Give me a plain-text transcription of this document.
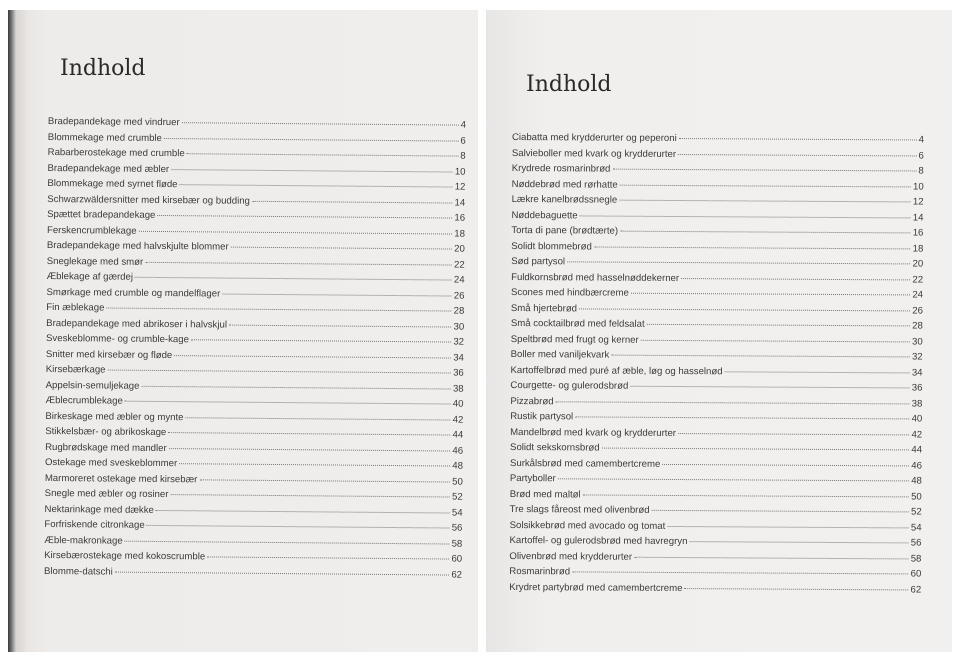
Indhold
Bradepandekage med vindruer	4
Blommekage med crumble	6
Rabarberostekage med crumble	8
Bradepandekage med æbler	10
Blommekage med syrnet fløde	12
Schwarzwäldersnitter med kirsebær og budding	14
Spættet bradepandekage	16
Ferskencrumblekage	18
Bradepandekage med halvskjulte blommer	20
Sneglekage med smør	22
Æblekage af gærdej	24
Smørkage med crumble og mandelflager	26
Fin æblekage	28
Bradepandekage med abrikoser i halvskjul	30
Sveskeblomme- og crumble-kage	32
Snitter med kirsebær og fløde	34
Kirsebærkage	36
Appelsin-semuljekage	38
Æblecrumblekage	40
Birkeskage med æbler og mynte	42
Stikkelsbær- og abrikoskage	44
Rugbrødskage med mandler	46
Ostekage med sveskeblommer	48
Marmoreret ostekage med kirsebær	50
Snegle med æbler og rosiner	52
Nektarinkage med dække	54
Forfriskende citronkage	56
Æble-makronkage	58
Kirsebærostekage med kokoscrumble	60
Blomme-datschi	62
Indhold
Ciabatta med krydderurter og peperoni	4
Salvieboller med kvark og krydderurter	6
Krydrede rosmarinbrød	8
Nøddebrød med rørhatte	10
Lækre kanelbrødssnegle	12
Nøddebaguette	14
Torta di pane (brødtærte)	16
Solidt blommebrød	18
Sød partysol	20
Fuldkornsbrød med hasselnøddekerner	22
Scones med hindbærcreme	24
Små hjertebrød	26
Små cocktailbrød med feldsalat	28
Speltbrød med frugt og kerner	30
Boller med vaniljekvark	32
Kartoffelbrød med puré af æble, løg og hasselnød	34
Courgette- og gulerodsbrød	36
Pizzabrød	38
Rustik partysol	40
Mandelbrød med kvark og krydderurter	42
Solidt sekskornsbrød	44
Surkålsbrød med camembertcreme	46
Partyboller	48
Brød med maltøl	50
Tre slags fåreost med olivenbrød	52
Solsikkebrød med avocado og tomat	54
Kartoffel- og gulerodsbrød med havregryn	56
Olivenbrød med krydderurter	58
Rosmarinbrød	60
Krydret partybrød med camembertcreme	62
